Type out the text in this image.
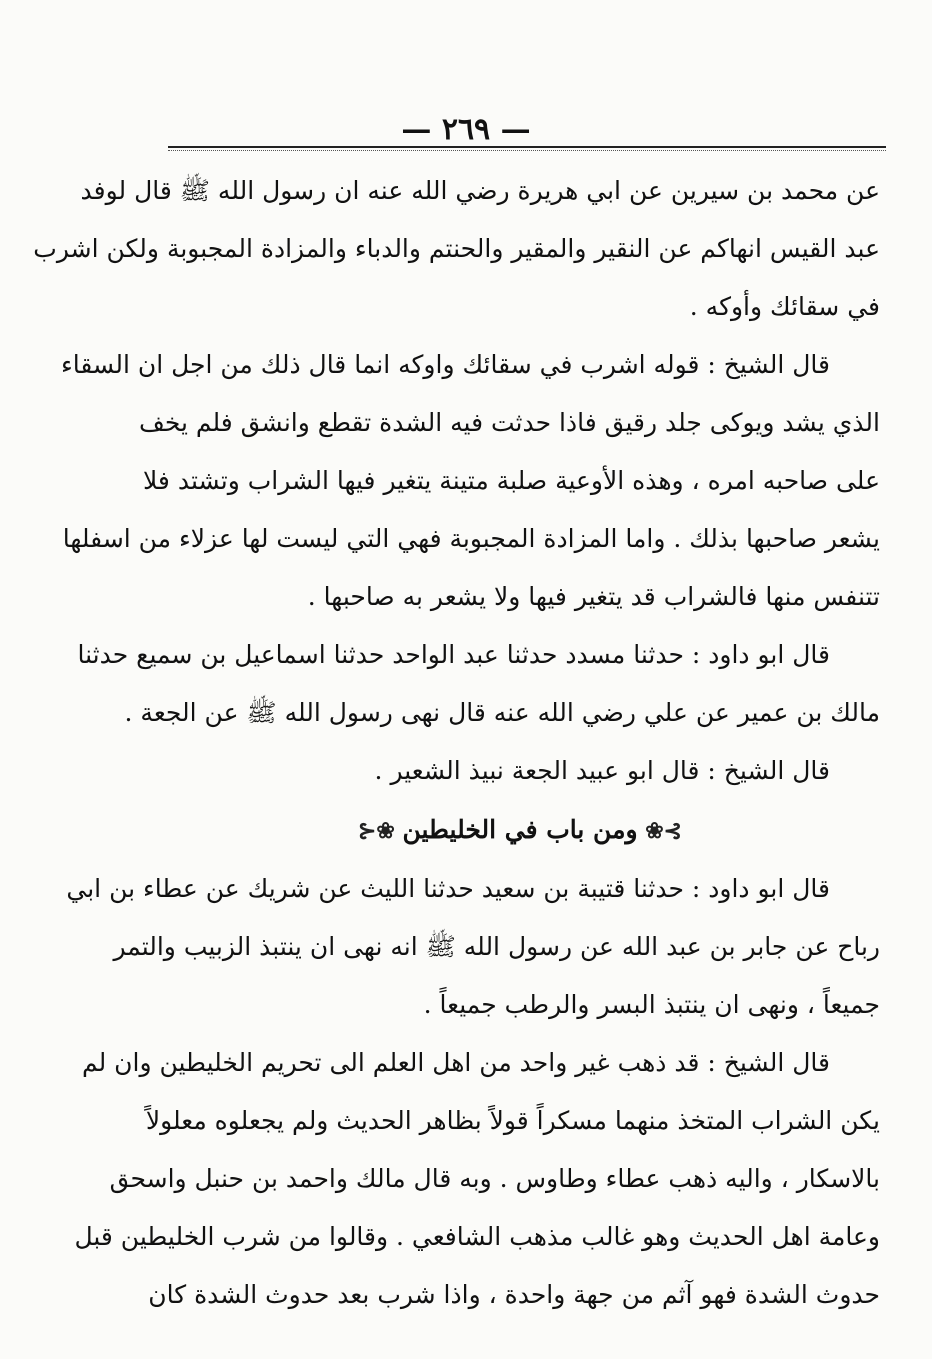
— ٢٦٩ —
عن محمد بن سيرين عن ابي هريرة رضي الله عنه ان رسول الله ﷺ قال لوفد
عبد القيس انهاكم عن النقير والمقير والحنتم والدباء والمزادة المجبوبة ولكن اشرب
في سقائك وأوكه .
قال الشيخ : قوله اشرب في سقائك واوكه انما قال ذلك من اجل ان السقاء
الذي يشد ويوكى جلد رقيق فاذا حدثت فيه الشدة تقطع وانشق فلم يخف
على صاحبه امره ، وهذه الأوعية صلبة متينة يتغير فيها الشراب وتشتد فلا
يشعر صاحبها بذلك . واما المزادة المجبوبة فهي التي ليست لها عزلاء من اسفلها
تتنفس منها فالشراب قد يتغير فيها ولا يشعر به صاحبها .
قال ابو داود : حدثنا مسدد حدثنا عبد الواحد حدثنا اسماعيل بن سميع حدثنا
مالك بن عمير عن علي رضي الله عنه قال نهى رسول الله ﷺ عن الجعة .
قال الشيخ : قال ابو عبيد الجعة نبيذ الشعير .
⊱❀ ومن باب في الخليطين ❀⊰
قال ابو داود : حدثنا قتيبة بن سعيد حدثنا الليث عن شريك عن عطاء بن ابي
رباح عن جابر بن عبد الله عن رسول الله ﷺ انه نهى ان ينتبذ الزبيب والتمر
جميعاً ، ونهى ان ينتبذ البسر والرطب جميعاً .
قال الشيخ : قد ذهب غير واحد من اهل العلم الى تحريم الخليطين وان لم
يكن الشراب المتخذ منهما مسكراً قولاً بظاهر الحديث ولم يجعلوه معلولاً
بالاسكار ، واليه ذهب عطاء وطاوس . وبه قال مالك واحمد بن حنبل واسحق
وعامة اهل الحديث وهو غالب مذهب الشافعي . وقالوا من شرب الخليطين قبل
حدوث الشدة فهو آثم من جهة واحدة ، واذا شرب بعد حدوث الشدة كان
